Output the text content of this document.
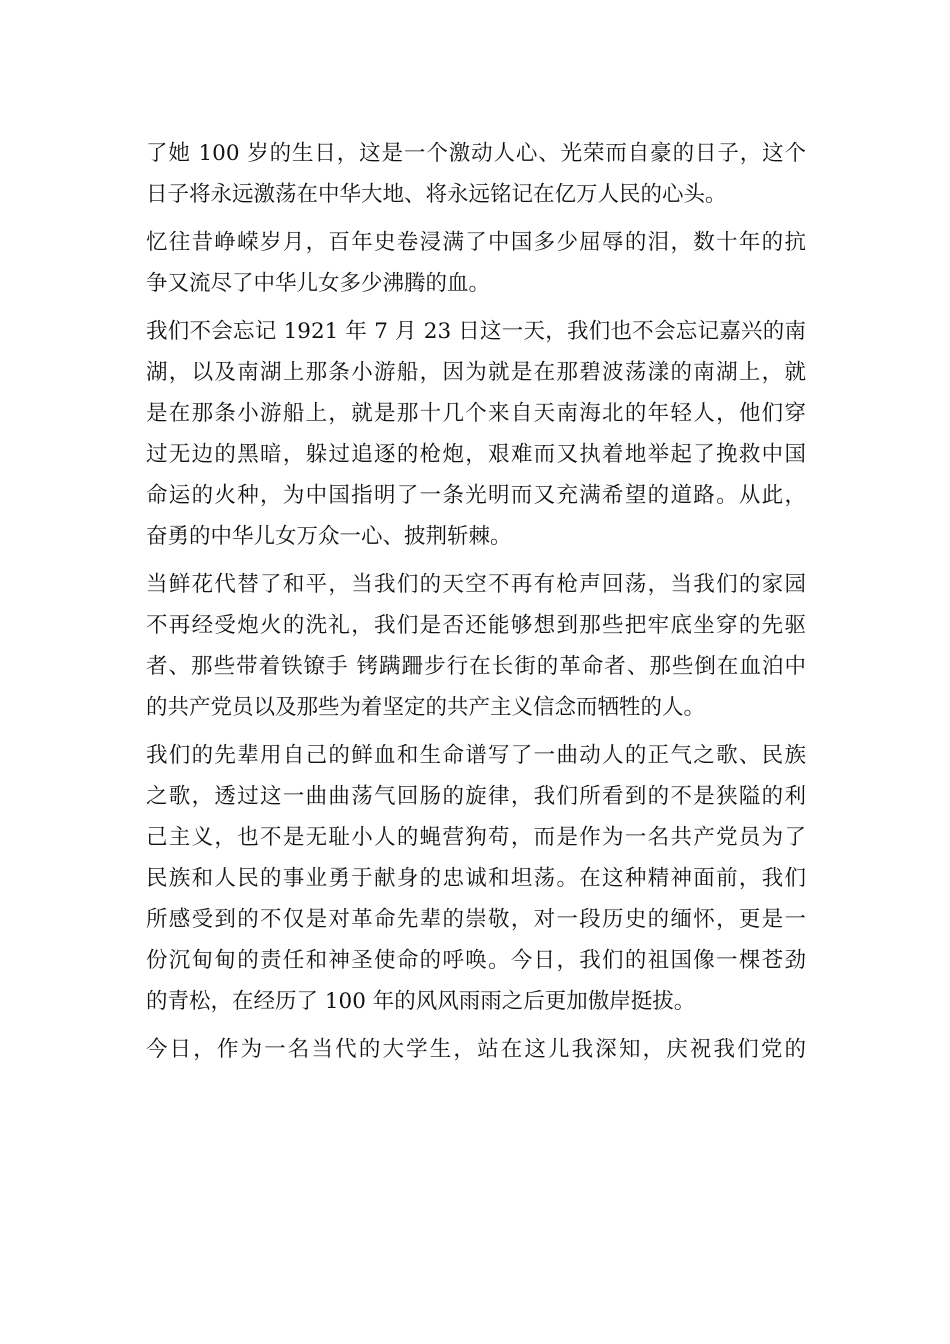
了她 100 岁的生日，这是一个激动人心、光荣而自豪的日子，这个
日子将永远激荡在中华大地、将永远铭记在亿万人民的心头。
忆往昔峥嵘岁月，百年史卷浸满了中国多少屈辱的泪，数十年的抗
争又流尽了中华儿女多少沸腾的血。
我们不会忘记 1921 年 7 月 23 日这一天，我们也不会忘记嘉兴的南
湖，以及南湖上那条小游船，因为就是在那碧波荡漾的南湖上，就
是在那条小游船上，就是那十几个来自天南海北的年轻人，他们穿
过无边的黑暗，躲过追逐的枪炮，艰难而又执着地举起了挽救中国
命运的火种，为中国指明了一条光明而又充满希望的道路。从此，
奋勇的中华儿女万众一心、披荆斩棘。
当鲜花代替了和平，当我们的天空不再有枪声回荡，当我们的家园
不再经受炮火的洗礼，我们是否还能够想到那些把牢底坐穿的先驱
者、那些带着铁镣手 铐蹒跚步行在长街的革命者、那些倒在血泊中
的共产党员以及那些为着坚定的共产主义信念而牺牲的人。
我们的先辈用自己的鲜血和生命谱写了一曲动人的正气之歌、民族
之歌，透过这一曲曲荡气回肠的旋律，我们所看到的不是狭隘的利
己主义，也不是无耻小人的蝇营狗苟，而是作为一名共产党员为了
民族和人民的事业勇于献身的忠诚和坦荡。在这种精神面前，我们
所感受到的不仅是对革命先辈的崇敬，对一段历史的缅怀，更是一
份沉甸甸的责任和神圣使命的呼唤。今日，我们的祖国像一棵苍劲
的青松，在经历了 100 年的风风雨雨之后更加傲岸挺拔。
今日，作为一名当代的大学生，站在这儿我深知，庆祝我们党的
